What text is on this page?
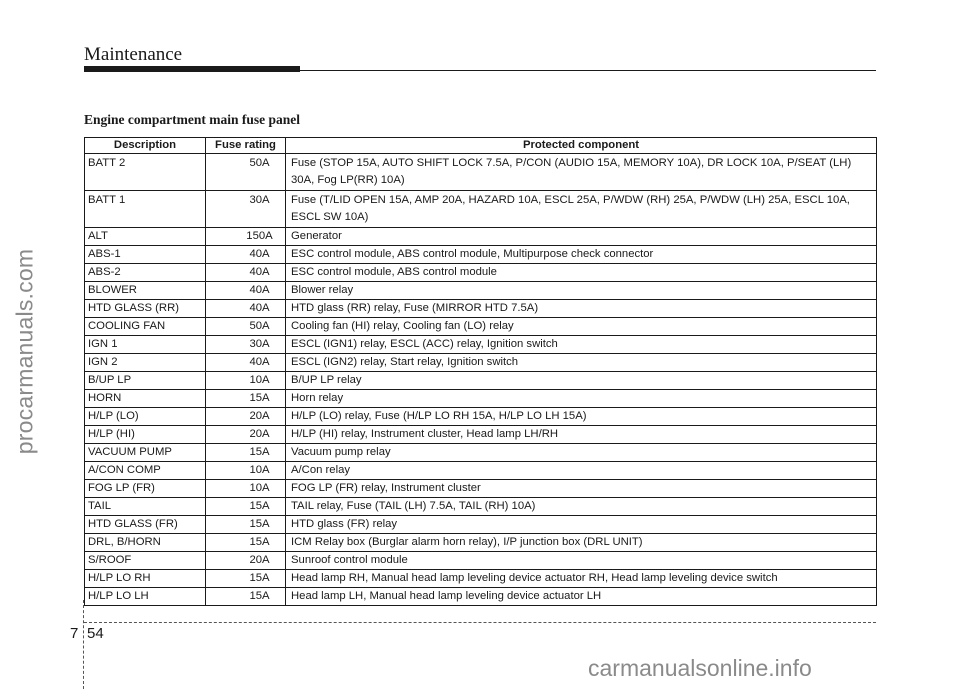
Maintenance
procarmanuals.com
Engine compartment main fuse panel
Description	Fuse rating	Protected component
BATT 2	50A	Fuse (STOP 15A, AUTO SHIFT LOCK 7.5A, P/CON (AUDIO 15A, MEMORY 10A), DR LOCK 10A, P/SEAT (LH) 30A, Fog LP(RR) 10A)
BATT 1	30A	Fuse (T/LID OPEN 15A, AMP 20A, HAZARD 10A, ESCL 25A, P/WDW (RH) 25A, P/WDW (LH) 25A, ESCL 10A, ESCL SW 10A)
ALT	150A	Generator
ABS-1	40A	ESC control module, ABS control module, Multipurpose check connector
ABS-2	40A	ESC control module, ABS control module
BLOWER	40A	Blower relay
HTD GLASS (RR)	40A	HTD glass (RR) relay, Fuse (MIRROR HTD 7.5A)
COOLING FAN	50A	Cooling fan (HI) relay, Cooling fan (LO) relay
IGN 1	30A	ESCL (IGN1) relay, ESCL (ACC) relay, Ignition switch
IGN 2	40A	ESCL (IGN2) relay, Start relay, Ignition switch
B/UP LP	10A	B/UP LP relay
HORN	15A	Horn relay
H/LP (LO)	20A	H/LP (LO) relay, Fuse (H/LP LO RH 15A, H/LP LO LH 15A)
H/LP (HI)	20A	H/LP (HI) relay, Instrument cluster, Head lamp LH/RH
VACUUM PUMP	15A	Vacuum pump relay
A/CON COMP	10A	A/Con relay
FOG LP (FR)	10A	FOG LP (FR) relay, Instrument cluster
TAIL	15A	TAIL relay, Fuse (TAIL (LH) 7.5A, TAIL (RH) 10A)
HTD GLASS (FR)	15A	HTD glass (FR) relay
DRL, B/HORN	15A	ICM Relay box (Burglar alarm horn relay), I/P junction box (DRL UNIT)
S/ROOF	20A	Sunroof control module
H/LP LO RH	15A	Head lamp RH, Manual head lamp leveling device actuator RH, Head lamp leveling device switch
H/LP LO LH	15A	Head lamp LH, Manual head lamp leveling device actuator LH
7 54
carmanualsonline.info
